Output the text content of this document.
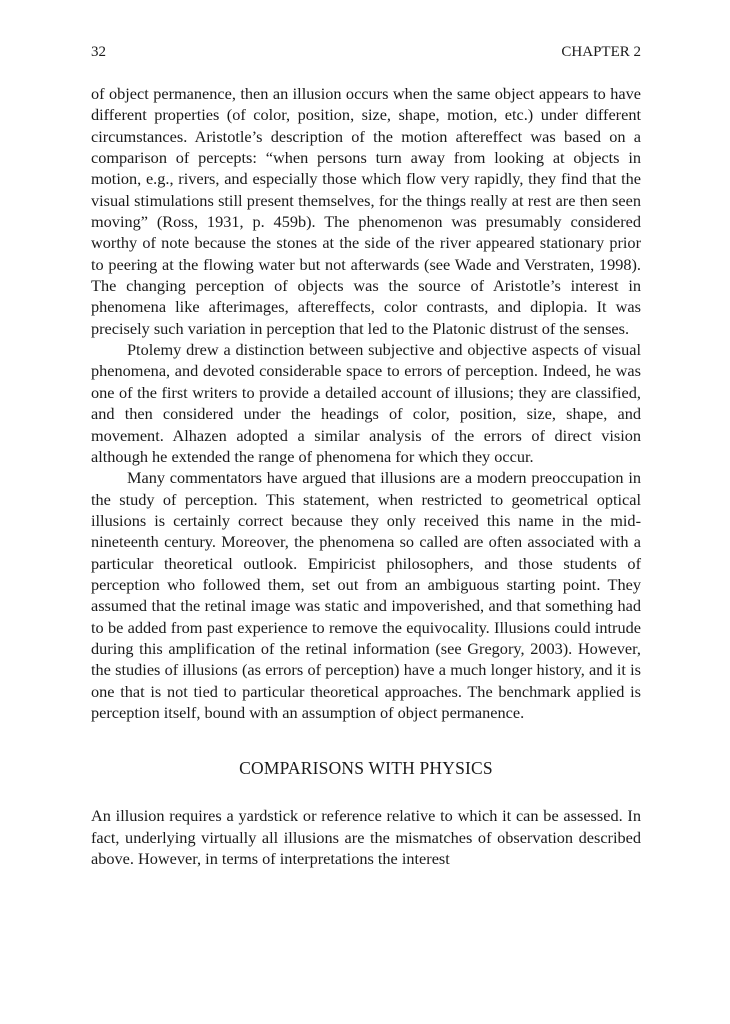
32	CHAPTER 2

of object permanence, then an illusion occurs when the same object appears to have different properties (of color, position, size, shape, motion, etc.) under different circumstances. Aristotle’s description of the motion aftereffect was based on a comparison of percepts: “when persons turn away from looking at objects in motion, e.g., rivers, and especially those which flow very rapidly, they find that the visual stimulations still present themselves, for the things really at rest are then seen moving” (Ross, 1931, p. 459b). The phenomenon was presumably considered worthy of note because the stones at the side of the river appeared stationary prior to peering at the flowing water but not afterwards (see Wade and Verstraten, 1998). The changing perception of objects was the source of Aristotle’s interest in phenomena like afterimages, aftereffects, color contrasts, and diplopia. It was precisely such variation in perception that led to the Platonic distrust of the senses.

Ptolemy drew a distinction between subjective and objective aspects of visual phenomena, and devoted considerable space to errors of perception. Indeed, he was one of the first writers to provide a detailed account of illusions; they are classified, and then considered under the headings of color, position, size, shape, and movement. Alhazen adopted a similar analysis of the errors of direct vision although he extended the range of phenomena for which they occur.

Many commentators have argued that illusions are a modern preoccupation in the study of perception. This statement, when restricted to geometrical optical illusions is certainly correct because they only received this name in the mid-nineteenth century. Moreover, the phenomena so called are often associated with a particular theoretical outlook. Empiricist philosophers, and those students of perception who followed them, set out from an ambiguous starting point. They assumed that the retinal image was static and impoverished, and that something had to be added from past experience to remove the equivocality. Illusions could intrude during this amplification of the retinal information (see Gregory, 2003). However, the studies of illusions (as errors of perception) have a much longer history, and it is one that is not tied to particular theoretical approaches. The benchmark applied is perception itself, bound with an assumption of object permanence.

COMPARISONS WITH PHYSICS

An illusion requires a yardstick or reference relative to which it can be assessed. In fact, underlying virtually all illusions are the mismatches of observation described above. However, in terms of interpretations the interest
